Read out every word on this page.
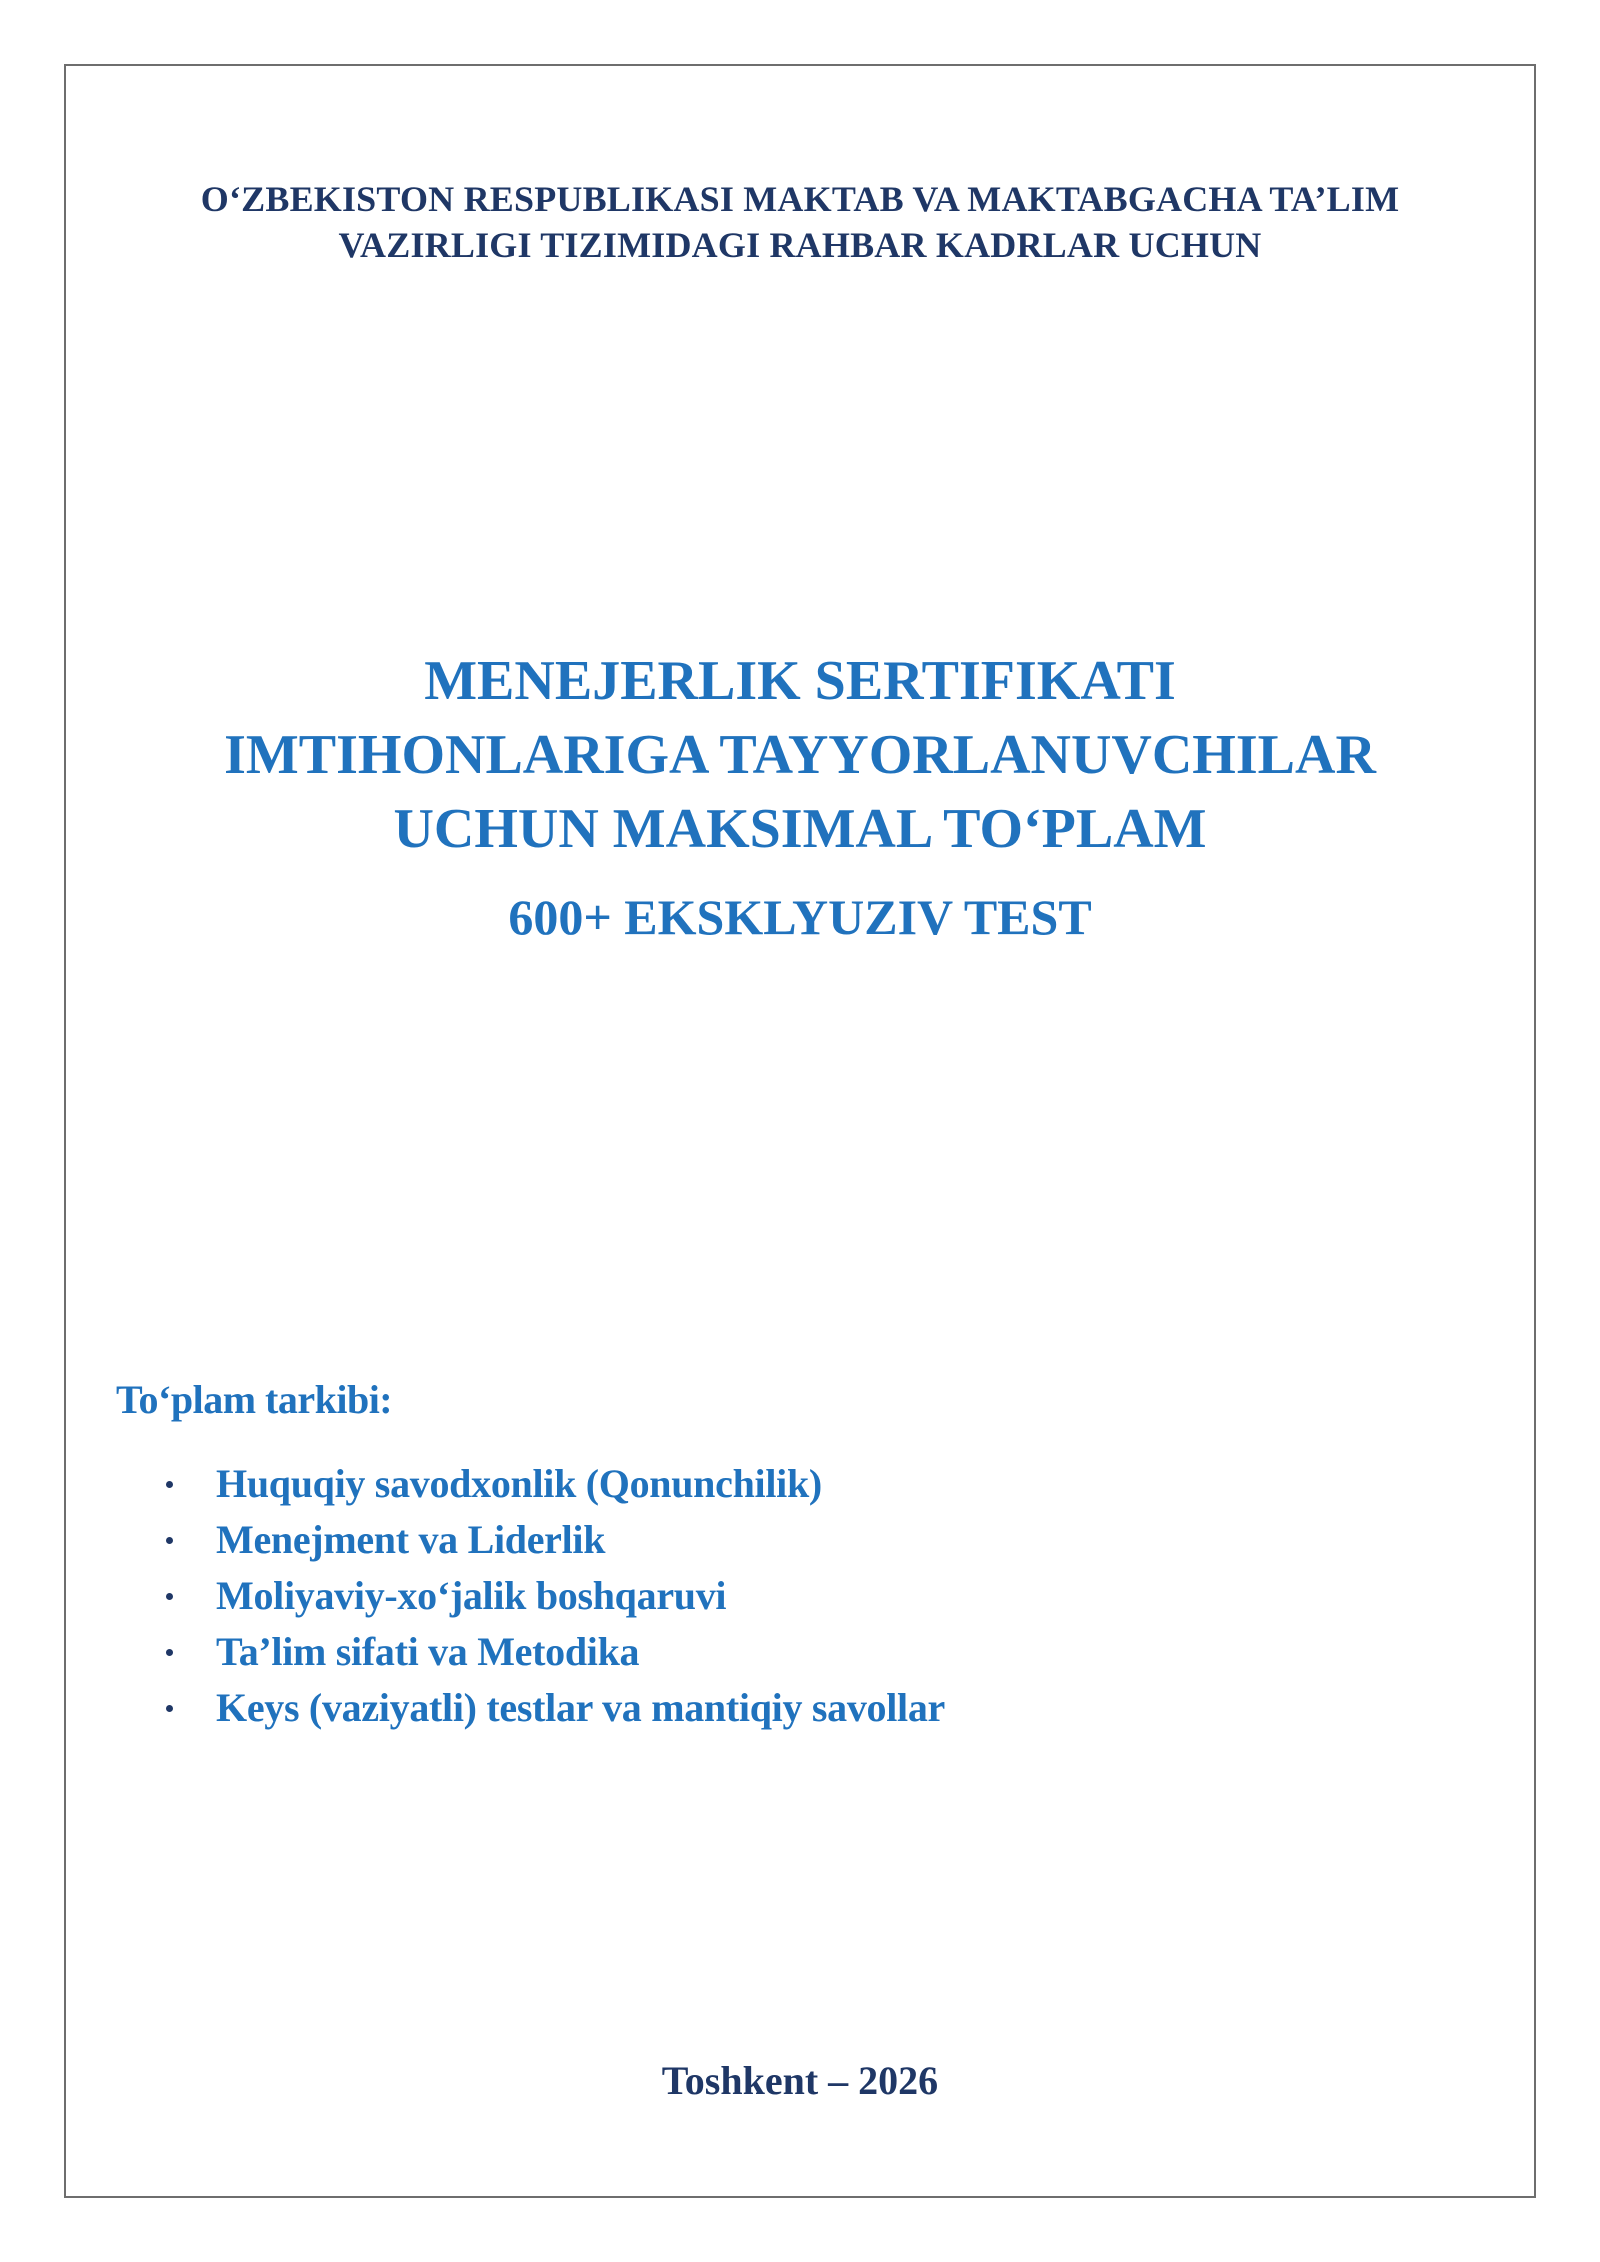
O‘ZBEKISTON RESPUBLIKASI MAKTAB VA MAKTABGACHA TA’LIM
VAZIRLIGI TIZIMIDAGI RAHBAR KADRLAR UCHUN
MENEJERLIK SERTIFIKATI
IMTIHONLARIGA TAYYORLANUVCHILAR
UCHUN MAKSIMAL TO‘PLAM
600+ EKSKLYUZIV TEST
To‘plam tarkibi:
Huquqiy savodxonlik (Qonunchilik)
Menejment va Liderlik
Moliyaviy-xo‘jalik boshqaruvi
Ta’lim sifati va Metodika
Keys (vaziyatli) testlar va mantiqiy savollar
Toshkent – 2026
